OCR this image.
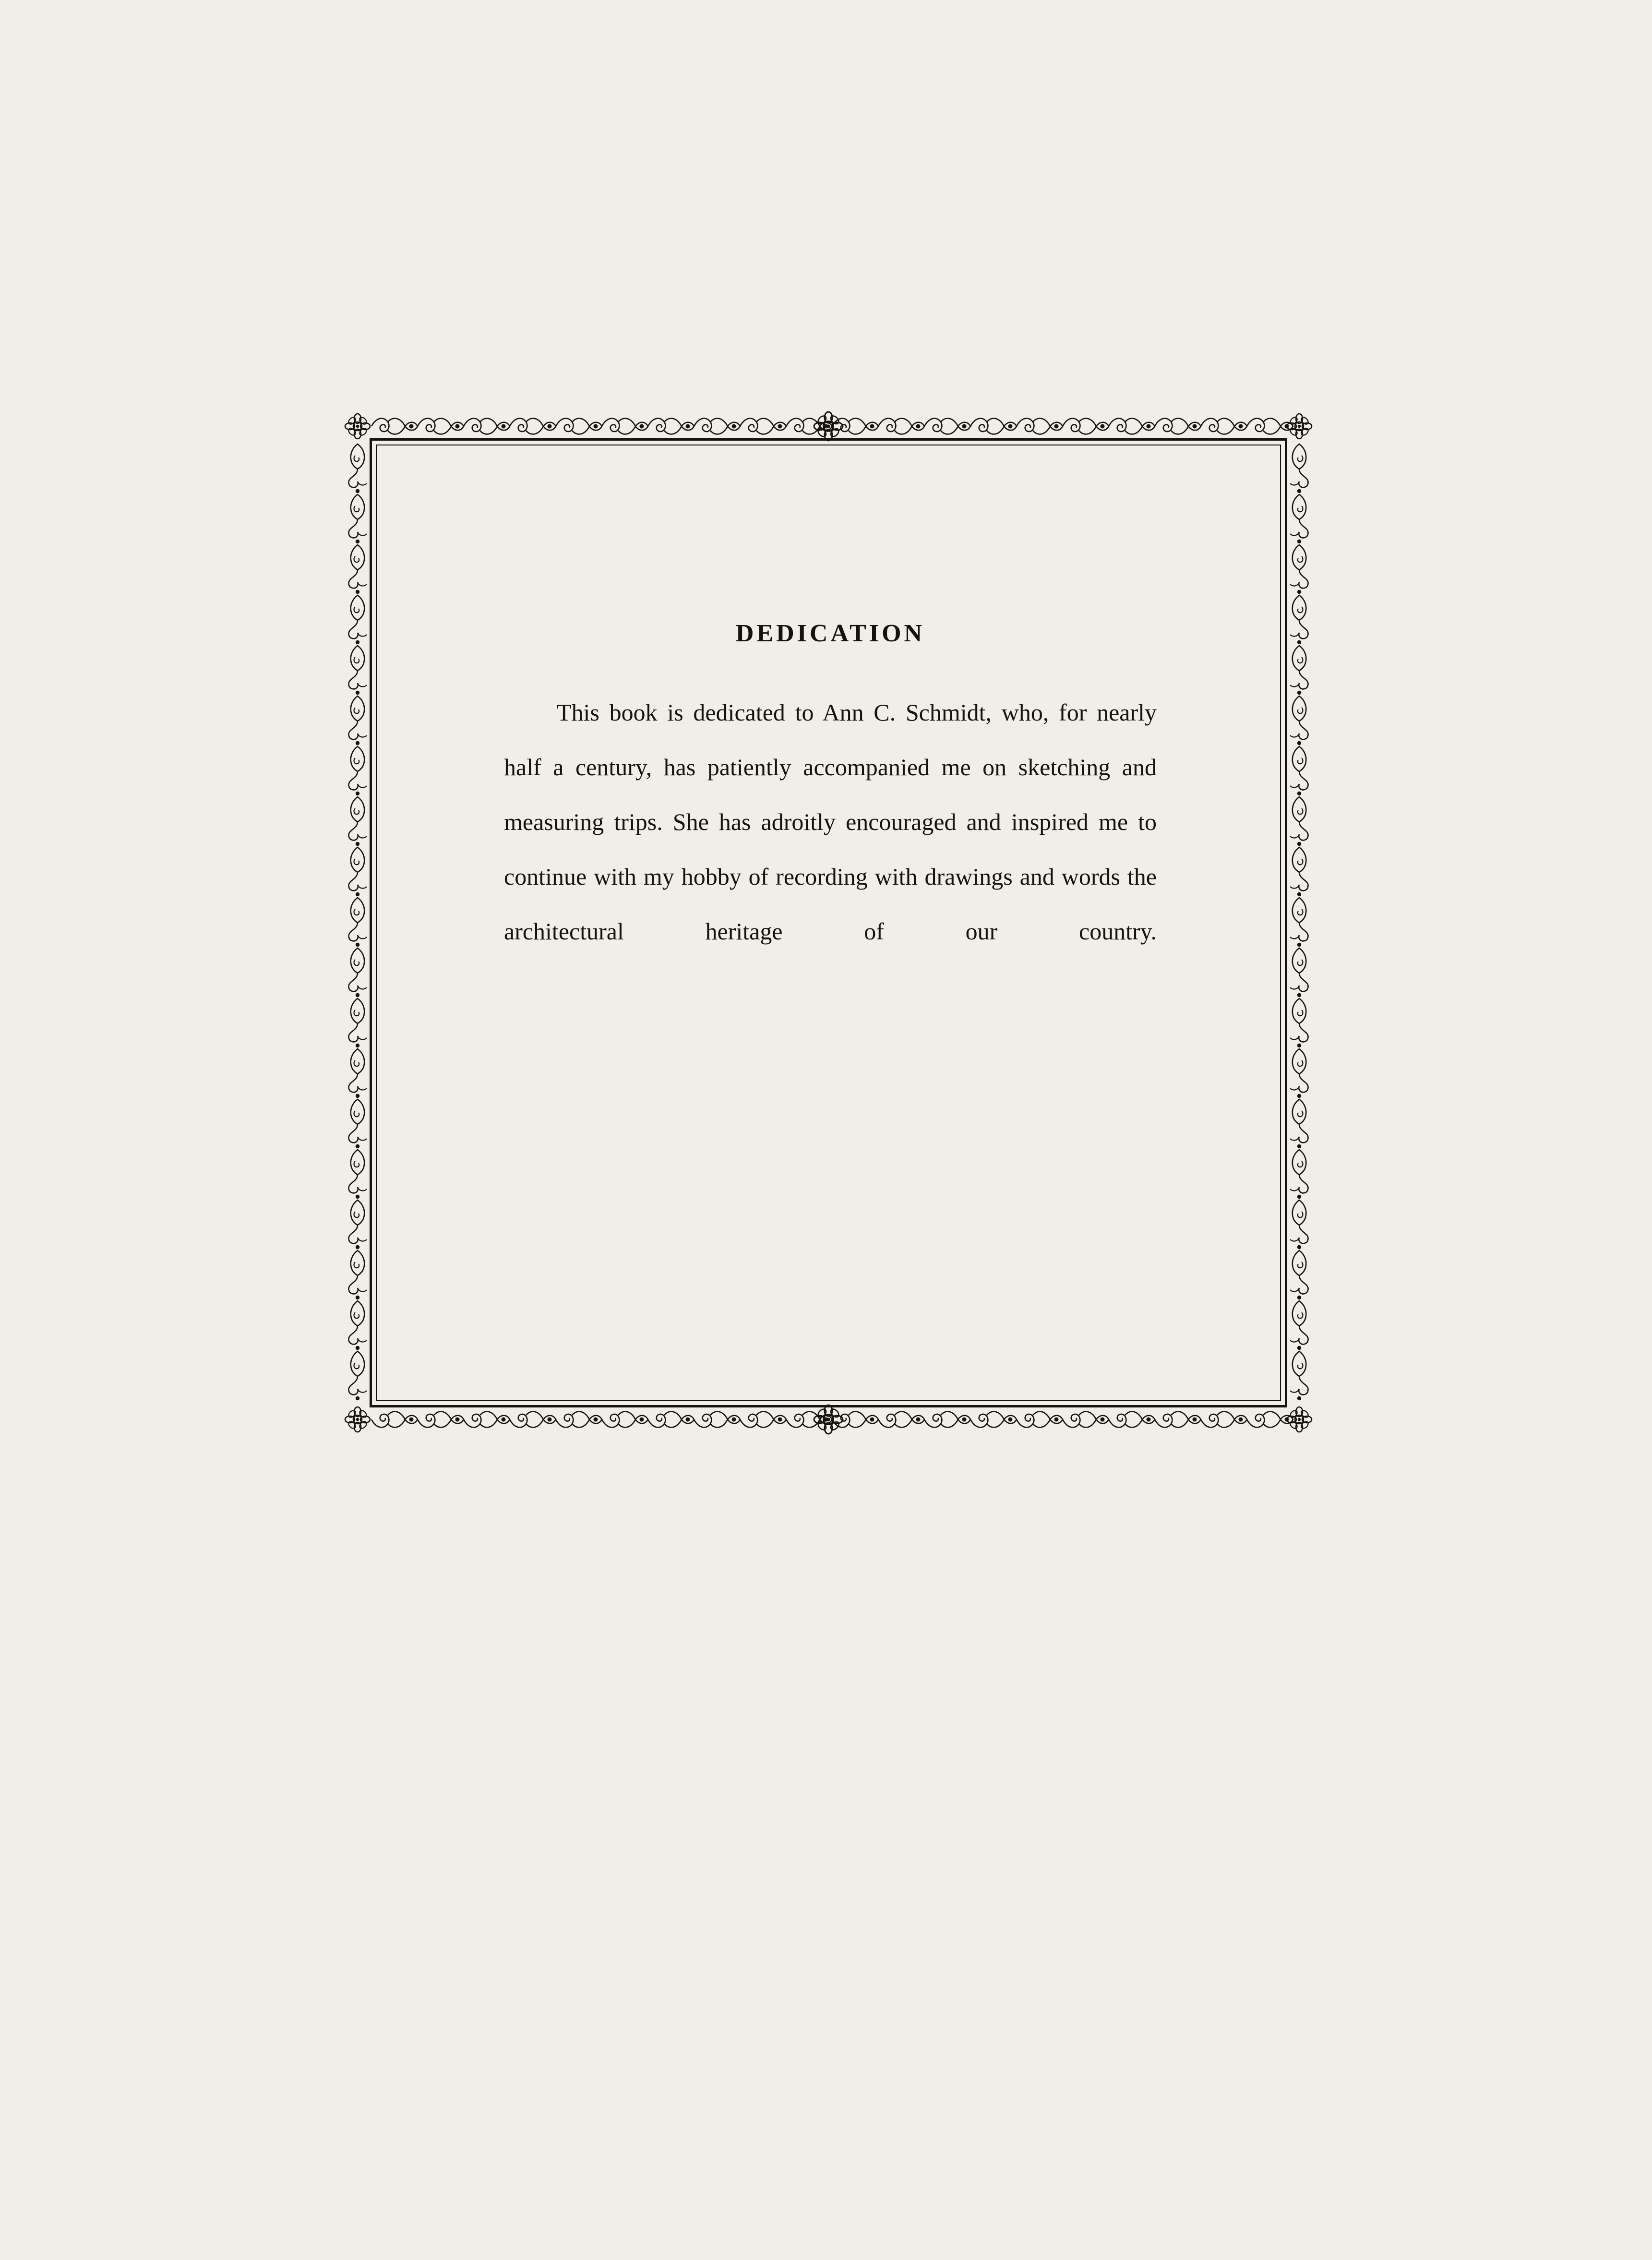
DEDICATION

This book is dedicated to Ann C. Schmidt, who, for nearly half a century, has patiently accompanied me on sketching and measuring trips. She has adroitly encouraged and inspired me to continue with my hobby of recording with drawings and words the architectural heritage of our country.
